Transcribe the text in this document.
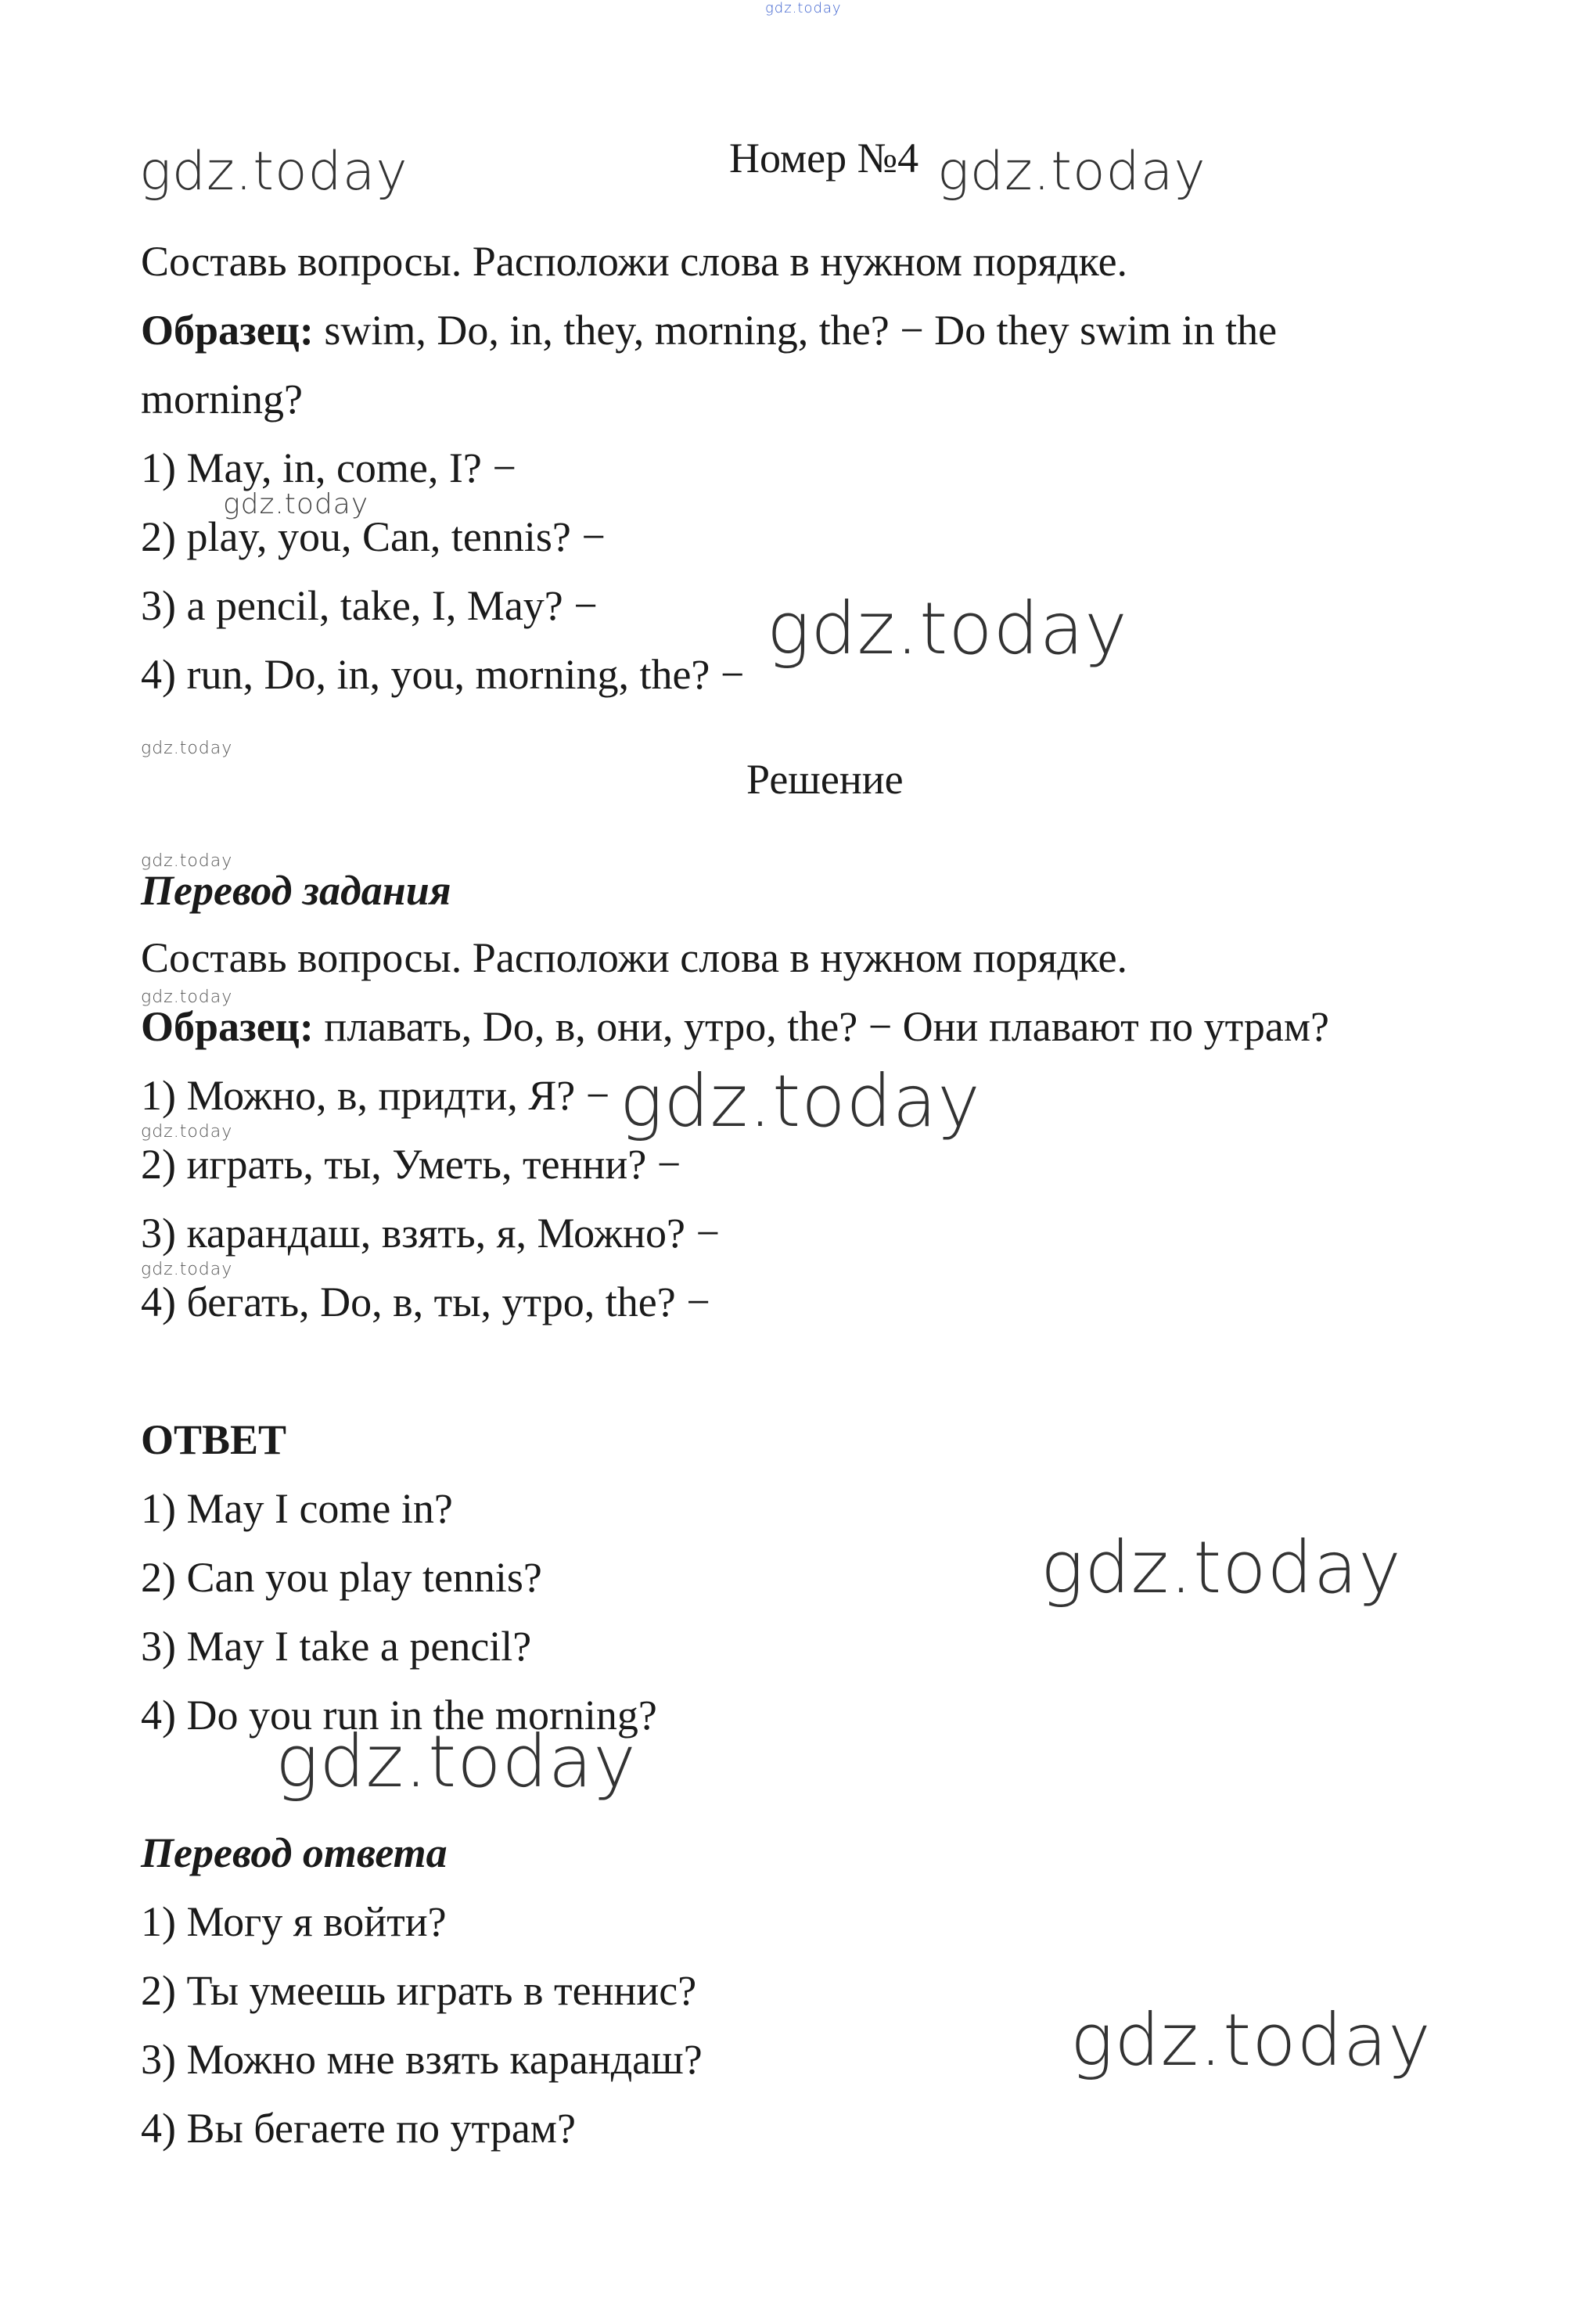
gdz.today
gdz.today	gdz.today
gdz.today
gdz.today
gdz.today
gdz.today
gdz.today
gdz.today
gdz.today
gdz.today
gdz.today
gdz.today
gdz.today
Номер №4
Составь вопросы. Расположи слова в нужном порядке.
Образец: swim, Do, in, they, morning, the? − Do they swim in the
morning?
1) May, in, come, I? −
2) play, you, Can, tennis? −
3) a pencil, take, I, May? −
4) run, Do, in, you, morning, the? −
Решение
Перевод задания
Составь вопросы. Расположи слова в нужном порядке.
Образец: плавать, Do, в, они, утро, the? − Они плавают по утрам?
1) Можно, в, придти, Я? −
2) играть, ты, Уметь, тенни? −
3) карандаш, взять, я, Можно? −
4) бегать, Do, в, ты, утро, the? −
ОТВЕТ
1) May I come in?
2) Can you play tennis?
3) May I take a pencil?
4) Do you run in the morning?
Перевод ответа
1) Могу я войти?
2) Ты умеешь играть в теннис?
3) Можно мне взять карандаш?
4) Вы бегаете по утрам?
